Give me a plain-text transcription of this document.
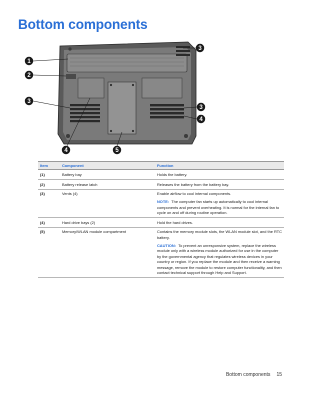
Bottom components
1
2
3
3
3
4
4	5
Item	Component	Function
(1)	Battery bay	Holds the battery.
(2)	Battery release latch	Releases the battery from the battery bay.
(3)	Vents (4)	Enable airflow to cool internal components.

NOTE: The computer fan starts up automatically to cool internal components and prevent overheating. It is normal for the internal fan to cycle on and off during routine operation.

(4)	Hard drive bays (2)	Hold the hard drives.
(5)	Memory/WLAN module compartment	Contains the memory module slots, the WLAN module slot, and the RTC battery.

CAUTION: To prevent an unresponsive system, replace the wireless module only with a wireless module authorized for use in the computer by the governmental agency that regulates wireless devices in your country or region. If you replace the module and then receive a warning message, remove the module to restore computer functionality, and then contact technical support through Help and Support.

Bottom components 15
